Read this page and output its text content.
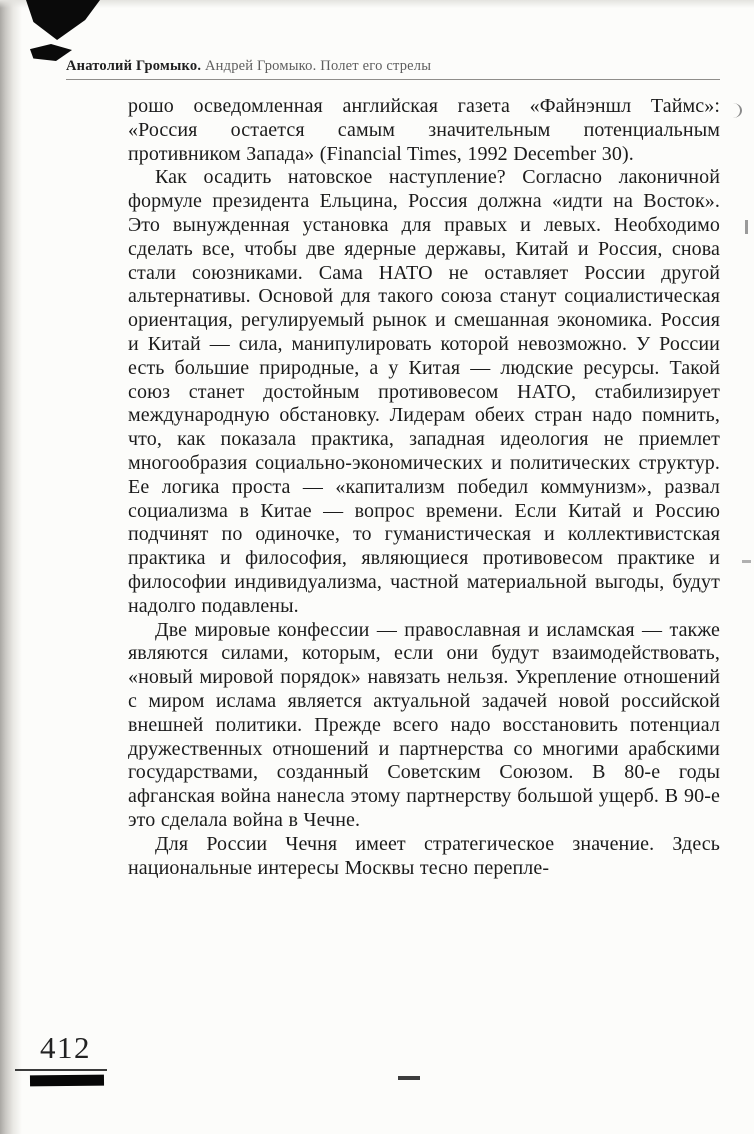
Анатолий Громыко. Андрей Громыко. Полет его стрелы

рошо осведомленная английская газета «Файнэншл Таймс»: «Россия остается самым значительным потенциальным противником Запада» (Financial Times, 1992 December 30).

Как осадить натовское наступление? Согласно лаконичной формуле президента Ельцина, Россия должна «идти на Восток». Это вынужденная установка для правых и левых. Необходимо сделать все, чтобы две ядерные державы, Китай и Россия, снова стали союзниками. Сама НАТО не оставляет России другой альтернативы. Основой для такого союза станут социалистическая ориентация, регулируемый рынок и смешанная экономика. Россия и Китай — сила, манипулировать которой невозможно. У России есть большие природные, а у Китая — людские ресурсы. Такой союз станет достойным противовесом НАТО, стабилизирует международную обстановку. Лидерам обеих стран надо помнить, что, как показала практика, западная идеология не приемлет многообразия социально-экономических и политических структур. Ее логика проста — «капитализм победил коммунизм», развал социализма в Китае — вопрос времени. Если Китай и Россию подчинят по одиночке, то гуманистическая и коллективистская практика и философия, являющиеся противовесом практике и философии индивидуализма, частной материальной выгоды, будут надолго подавлены.

Две мировые конфессии — православная и исламская — также являются силами, которым, если они будут взаимодействовать, «новый мировой порядок» навязать нельзя. Укрепление отношений с миром ислама является актуальной задачей новой российской внешней политики. Прежде всего надо восстановить потенциал дружественных отношений и партнерства со многими арабскими государствами, созданный Советским Союзом. В 80-е годы афганская война нанесла этому партнерству большой ущерб. В 90-е это сделала война в Чечне.

Для России Чечня имеет стратегическое значение. Здесь национальные интересы Москвы тесно перепле-

412
